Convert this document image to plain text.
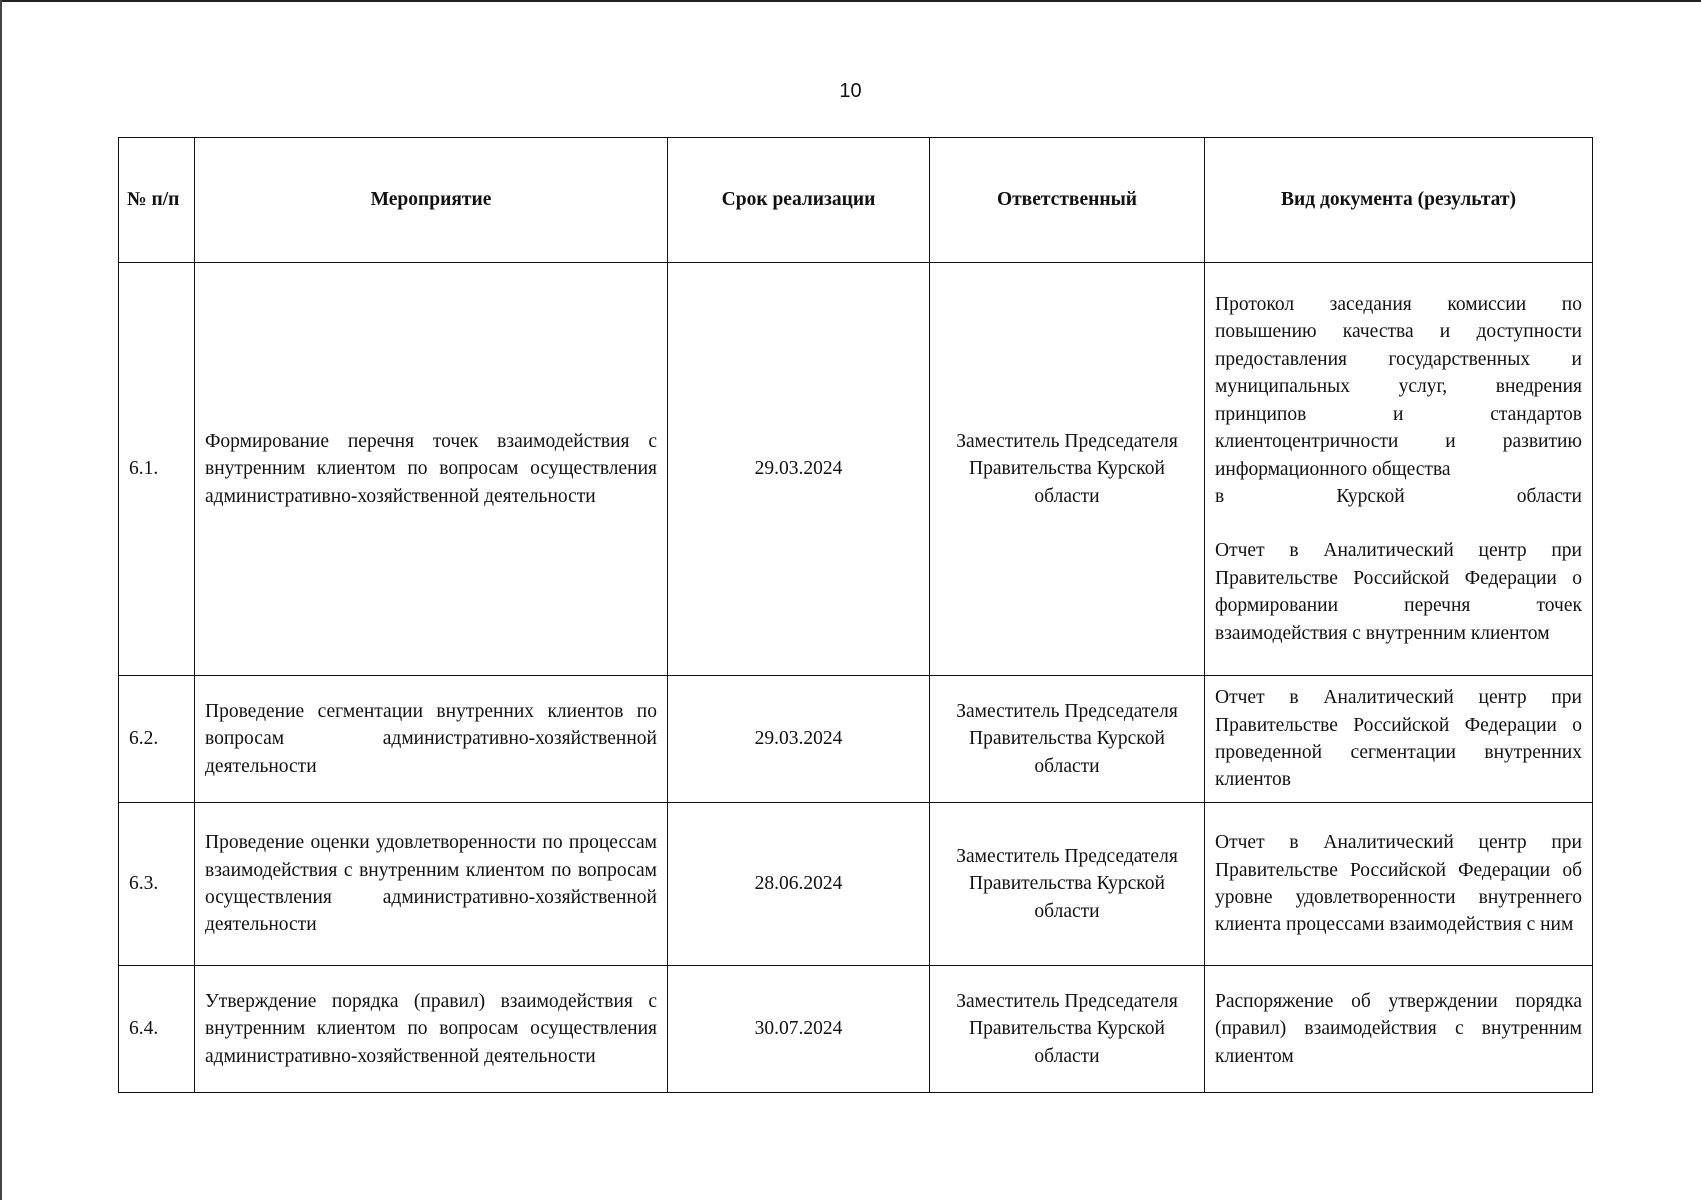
10
№ п/п	Мероприятие	Срок реализации	Ответственный	Вид документа (результат)
6.1.	Формирование перечня точек взаимодействия с внутренним клиентом по вопросам осуществления административно-хозяйственной деятельности	29.03.2024	Заместитель Председателя Правительства Курской области	Протокол заседания комиссии по повышению качества и доступности предоставления государственных и муниципальных услуг, внедрения принципов и стандартов клиентоцентричности и развитию информационного общества

в Курской области

Отчет в Аналитический центр при Правительстве Российской Федерации о формировании перечня точек взаимодействия с внутренним клиентом

6.2.	Проведение сегментации внутренних клиентов по вопросам административно-хозяйственной деятельности	29.03.2024	Заместитель Председателя Правительства Курской области	Отчет в Аналитический центр при Правительстве Российской Федерации о проведенной сегментации внутренних клиентов

6.3.	Проведение оценки удовлетворенности по процессам взаимодействия с внутренним клиентом по вопросам осуществления административно-хозяйственной деятельности	28.06.2024	Заместитель Председателя Правительства Курской области	Отчет в Аналитический центр при Правительстве Российской Федерации об уровне удовлетворенности внутреннего клиента процессами взаимодействия с ним

6.4.	Утверждение порядка (правил) взаимодействия с внутренним клиентом по вопросам осуществления административно-хозяйственной деятельности	30.07.2024	Заместитель Председателя Правительства Курской области	Распоряжение об утверждении порядка (правил) взаимодействия с внутренним клиентом
